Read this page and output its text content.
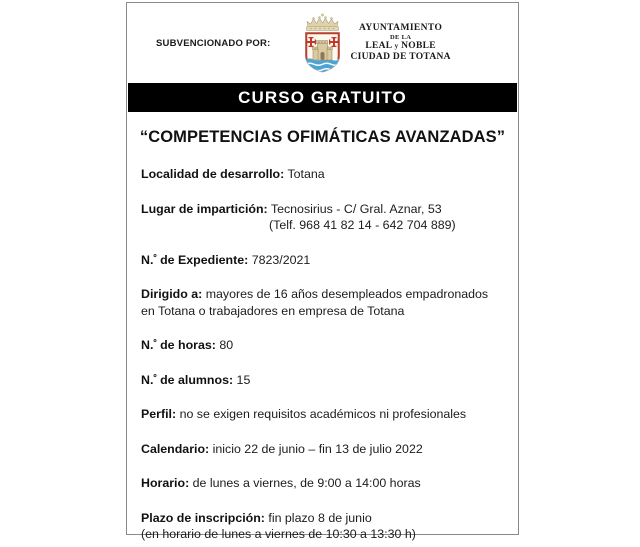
SUBVENCIONADO POR:
AYUNTAMIENTO
DE LA
LEAL y NOBLE
CIUDAD DE TOTANA
CURSO GRATUITO
“COMPETENCIAS OFIMÁTICAS AVANZADAS”
Localidad de desarrollo: Totana
Lugar de impartición: Tecnosirius - C/ Gral. Aznar, 53
(Telf. 968 41 82 14 - 642 704 889)
N.$^º$ de Expediente: 7823/2021
Dirigido a: mayores de 16 años desempleados empadronados
en Totana o trabajadores en empresa de Totana
N.$^º$ de horas: 80
N.$^º$ de alumnos: 15
Perfil: no se exigen requisitos académicos ni profesionales
Calendario: inicio 22 de junio – fin 13 de julio 2022
Horario: de lunes a viernes, de 9:00 a 14:00 horas
Plazo de inscripción: fin plazo 8 de junio
(en horario de lunes a viernes de 10:30 a 13:30 h)
